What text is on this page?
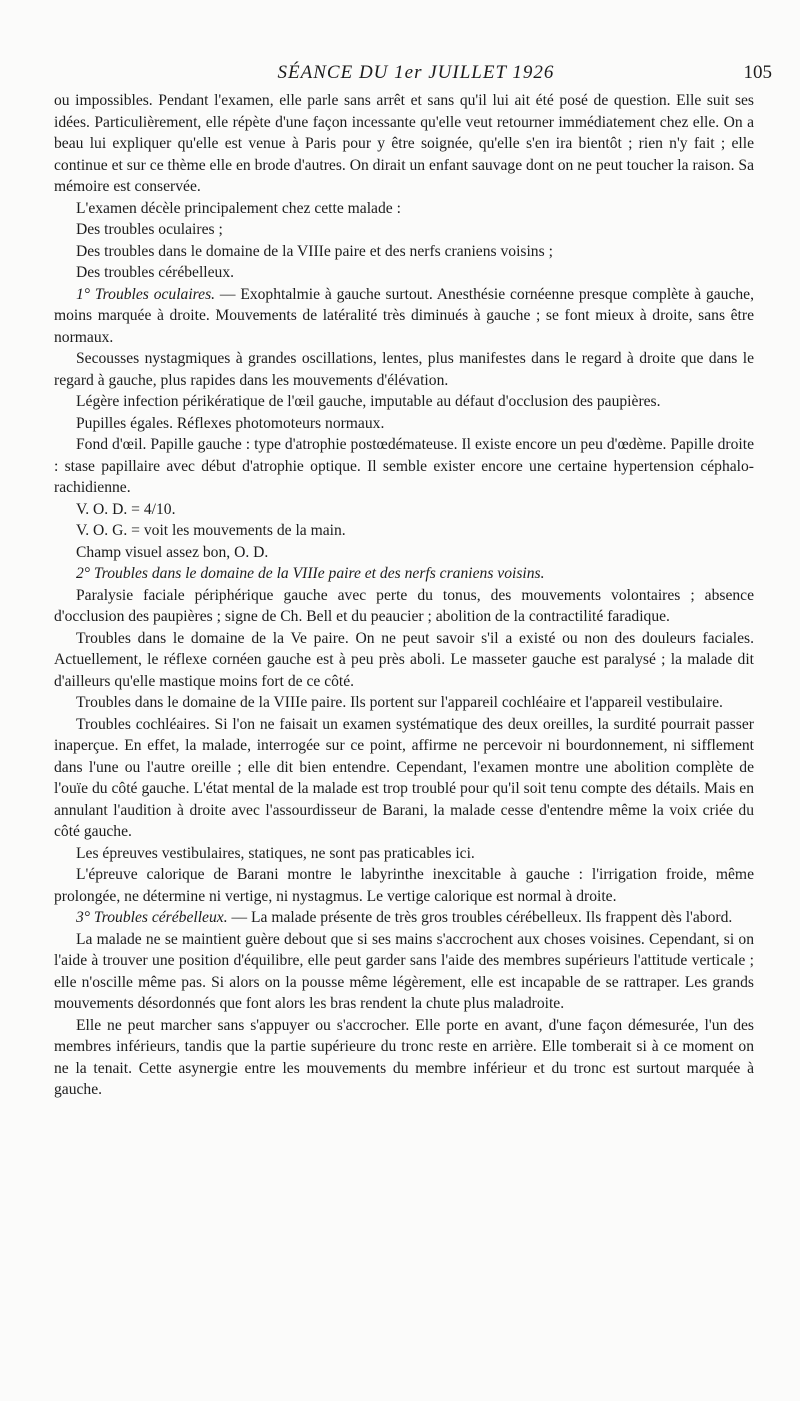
SÉANCE DU 1er JUILLET 1926	105

ou impossibles. Pendant l'examen, elle parle sans arrêt et sans qu'il lui ait été posé de question. Elle suit ses idées. Particulièrement, elle répète d'une façon incessante qu'elle veut retourner immédiatement chez elle. On a beau lui expliquer qu'elle est venue à Paris pour y être soignée, qu'elle s'en ira bientôt ; rien n'y fait ; elle continue et sur ce thème elle en brode d'autres. On dirait un enfant sauvage dont on ne peut toucher la raison. Sa mémoire est conservée.

L'examen décèle principalement chez cette malade :

Des troubles oculaires ;

Des troubles dans le domaine de la VIIIe paire et des nerfs craniens voisins ;

Des troubles cérébelleux.

1° Troubles oculaires. — Exophtalmie à gauche surtout. Anesthésie cornéenne presque complète à gauche, moins marquée à droite. Mouvements de latéralité très diminués à gauche ; se font mieux à droite, sans être normaux.

Secousses nystagmiques à grandes oscillations, lentes, plus manifestes dans le regard à droite que dans le regard à gauche, plus rapides dans les mouvements d'élévation.

Légère infection périkératique de l'œil gauche, imputable au défaut d'occlusion des paupières.

Pupilles égales. Réflexes photomoteurs normaux.

Fond d'œil. Papille gauche : type d'atrophie postœdémateuse. Il existe encore un peu d'œdème. Papille droite : stase papillaire avec début d'atrophie optique. Il semble exister encore une certaine hypertension céphalo-rachidienne.

V. O. D. = 4/10.

V. O. G. = voit les mouvements de la main.

Champ visuel assez bon, O. D.

2° Troubles dans le domaine de la VIIIe paire et des nerfs craniens voisins.

Paralysie faciale périphérique gauche avec perte du tonus, des mouvements volontaires ; absence d'occlusion des paupières ; signe de Ch. Bell et du peaucier ; abolition de la contractilité faradique.

Troubles dans le domaine de la Ve paire. On ne peut savoir s'il a existé ou non des douleurs faciales. Actuellement, le réflexe cornéen gauche est à peu près aboli. Le masseter gauche est paralysé ; la malade dit d'ailleurs qu'elle mastique moins fort de ce côté.

Troubles dans le domaine de la VIIIe paire. Ils portent sur l'appareil cochléaire et l'appareil vestibulaire.

Troubles cochléaires. Si l'on ne faisait un examen systématique des deux oreilles, la surdité pourrait passer inaperçue. En effet, la malade, interrogée sur ce point, affirme ne percevoir ni bourdonnement, ni sifflement dans l'une ou l'autre oreille ; elle dit bien entendre. Cependant, l'examen montre une abolition complète de l'ouïe du côté gauche. L'état mental de la malade est trop troublé pour qu'il soit tenu compte des détails. Mais en annulant l'audition à droite avec l'assourdisseur de Barani, la malade cesse d'entendre même la voix criée du côté gauche.

Les épreuves vestibulaires, statiques, ne sont pas praticables ici.

L'épreuve calorique de Barani montre le labyrinthe inexcitable à gauche : l'irrigation froide, même prolongée, ne détermine ni vertige, ni nystagmus. Le vertige calorique est normal à droite.

3° Troubles cérébelleux. — La malade présente de très gros troubles cérébelleux. Ils frappent dès l'abord.

La malade ne se maintient guère debout que si ses mains s'accrochent aux choses voisines. Cependant, si on l'aide à trouver une position d'équilibre, elle peut garder sans l'aide des membres supérieurs l'attitude verticale ; elle n'oscille même pas. Si alors on la pousse même légèrement, elle est incapable de se rattraper. Les grands mouvements désordonnés que font alors les bras rendent la chute plus maladroite.

Elle ne peut marcher sans s'appuyer ou s'accrocher. Elle porte en avant, d'une façon démesurée, l'un des membres inférieurs, tandis que la partie supérieure du tronc reste en arrière. Elle tomberait si à ce moment on ne la tenait. Cette asynergie entre les mouvements du membre inférieur et du tronc est surtout marquée à gauche.
